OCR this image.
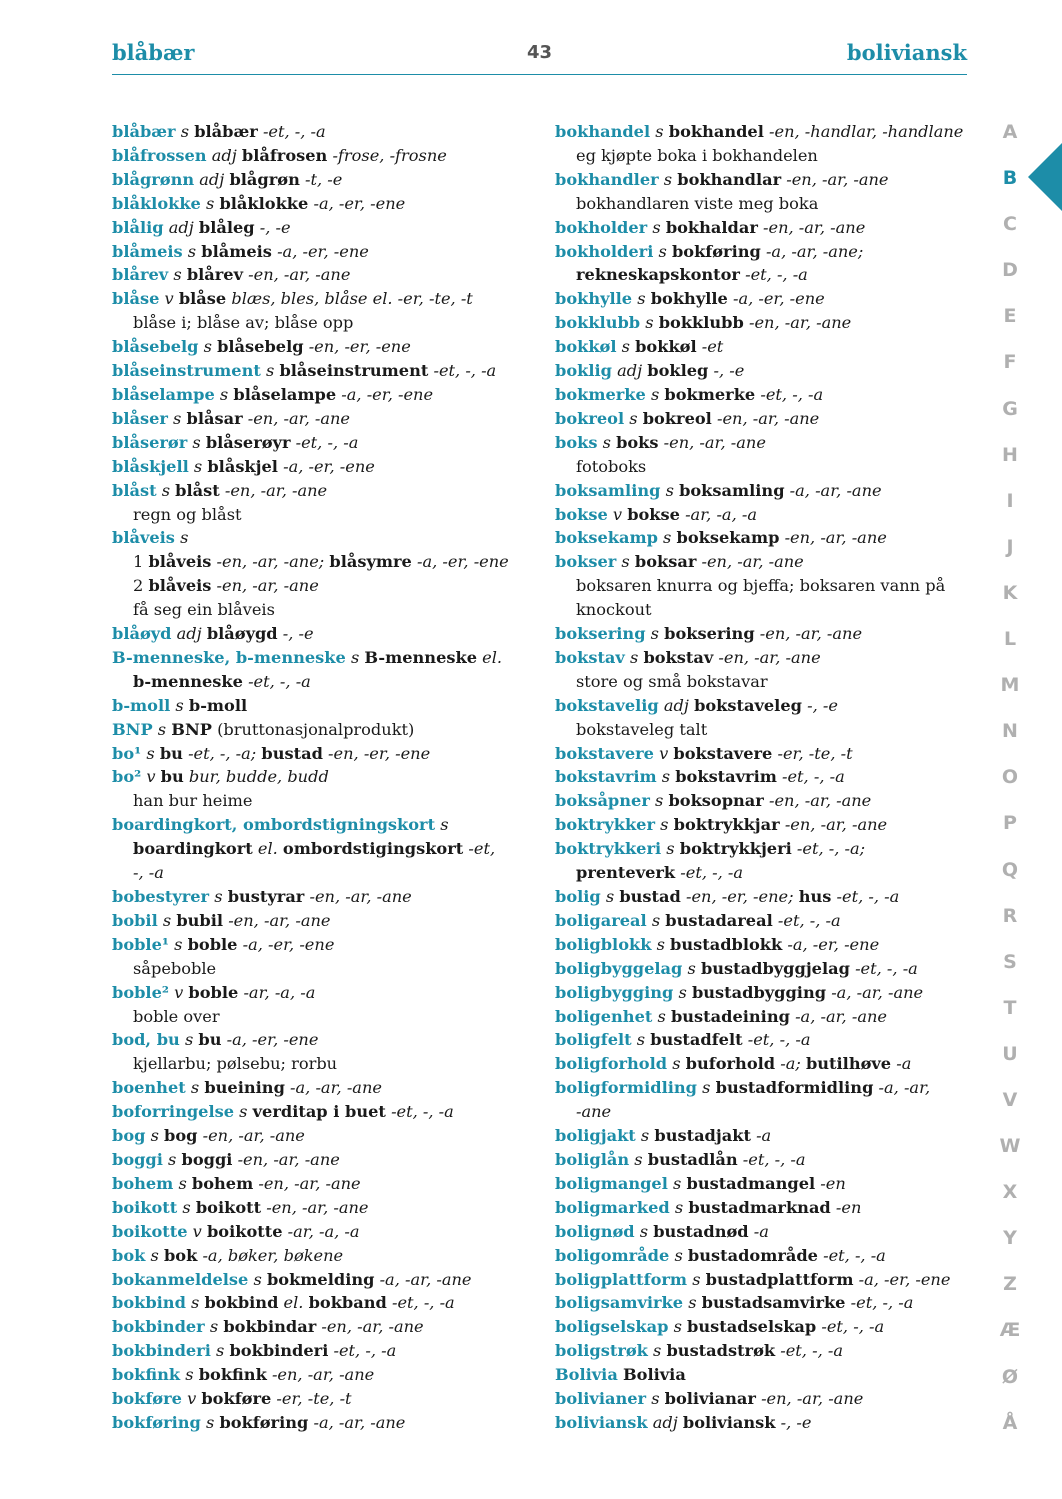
blåbær	43	boliviansk
blåbær s blåbær -et, -, -a
blåfrossen adj blåfrosen -frose, -frosne
blågrønn adj blågrøn -t, -e
blåklokke s blåklokke -a, -er, -ene
blålig adj blåleg -, -e
blåmeis s blåmeis -a, -er, -ene
blårev s blårev -en, -ar, -ane
blåse v blåse blæs, bles, blåse el. -er, -te, -t
blåse i; blåse av; blåse opp
blåsebelg s blåsebelg -en, -er, -ene
blåseinstrument s blåseinstrument -et, -, -a
blåselampe s blåselampe -a, -er, -ene
blåser s blåsar -en, -ar, -ane
blåserør s blåserøyr -et, -, -a
blåskjell s blåskjel -a, -er, -ene
blåst s blåst -en, -ar, -ane
regn og blåst
blåveis s
1 blåveis -en, -ar, -ane; blåsymre -a, -er, -ene
2 blåveis -en, -ar, -ane
få seg ein blåveis
blåøyd adj blåøygd -, -e
B-menneske, b-menneske s B-menneske el.
b-menneske -et, -, -a
b-moll s b-moll
BNP s BNP (bruttonasjonalprodukt)
bo¹ s bu -et, -, -a; bustad -en, -er, -ene
bo² v bu bur, budde, budd
han bur heime
boardingkort, ombordstigningskort s
boardingkort el. ombordstigingskort -et,
-, -a
bobestyrer s bustyrar -en, -ar, -ane
bobil s bubil -en, -ar, -ane
boble¹ s boble -a, -er, -ene
såpeboble
boble² v boble -ar, -a, -a
boble over
bod, bu s bu -a, -er, -ene
kjellarbu; pølsebu; rorbu
boenhet s bueining -a, -ar, -ane
boforringelse s verditap i buet -et, -, -a
bog s bog -en, -ar, -ane
boggi s boggi -en, -ar, -ane
bohem s bohem -en, -ar, -ane
boikott s boikott -en, -ar, -ane
boikotte v boikotte -ar, -a, -a
bok s bok -a, bøker, bøkene
bokanmeldelse s bokmelding -a, -ar, -ane
bokbind s bokbind el. bokband -et, -, -a
bokbinder s bokbindar -en, -ar, -ane
bokbinderi s bokbinderi -et, -, -a
bokfink s bokfink -en, -ar, -ane
bokføre v bokføre -er, -te, -t
bokføring s bokføring -a, -ar, -ane
bokhandel s bokhandel -en, -handlar, -handlane
eg kjøpte boka i bokhandelen
bokhandler s bokhandlar -en, -ar, -ane
bokhandlaren viste meg boka
bokholder s bokhaldar -en, -ar, -ane
bokholderi s bokføring -a, -ar, -ane;
rekneskapskontor -et, -, -a
bokhylle s bokhylle -a, -er, -ene
bokklubb s bokklubb -en, -ar, -ane
bokkøl s bokkøl -et
boklig adj bokleg -, -e
bokmerke s bokmerke -et, -, -a
bokreol s bokreol -en, -ar, -ane
boks s boks -en, -ar, -ane
fotoboks
boksamling s boksamling -a, -ar, -ane
bokse v bokse -ar, -a, -a
boksekamp s boksekamp -en, -ar, -ane
bokser s boksar -en, -ar, -ane
boksaren knurra og bjeffa; boksaren vann på
knockout
boksering s boksering -en, -ar, -ane
bokstav s bokstav -en, -ar, -ane
store og små bokstavar
bokstavelig adj bokstaveleg -, -e
bokstaveleg talt
bokstavere v bokstavere -er, -te, -t
bokstavrim s bokstavrim -et, -, -a
boksåpner s boksopnar -en, -ar, -ane
boktrykker s boktrykkjar -en, -ar, -ane
boktrykkeri s boktrykkjeri -et, -, -a;
prenteverk -et, -, -a
bolig s bustad -en, -er, -ene; hus -et, -, -a
boligareal s bustadareal -et, -, -a
boligblokk s bustadblokk -a, -er, -ene
boligbyggelag s bustadbyggjelag -et, -, -a
boligbygging s bustadbygging -a, -ar, -ane
boligenhet s bustadeining -a, -ar, -ane
boligfelt s bustadfelt -et, -, -a
boligforhold s buforhold -a; butilhøve -a
boligformidling s bustadformidling -a, -ar,
-ane
boligjakt s bustadjakt -a
boliglån s bustadlån -et, -, -a
boligmangel s bustadmangel -en
boligmarked s bustadmarknad -en
bolignød s bustadnød -a
boligområde s bustadområde -et, -, -a
boligplattform s bustadplattform -a, -er, -ene
boligsamvirke s bustadsamvirke -et, -, -a
boligselskap s bustadselskap -et, -, -a
boligstrøk s bustadstrøk -et, -, -a
Bolivia Bolivia
bolivianer s bolivianar -en, -ar, -ane
boliviansk adj boliviansk -, -e
A
B
C
D
E
F
G
H
I
J
K
L
M
N
O
P
Q
R
S
T
U
V
W
X
Y
Z
Æ
Ø
Å
